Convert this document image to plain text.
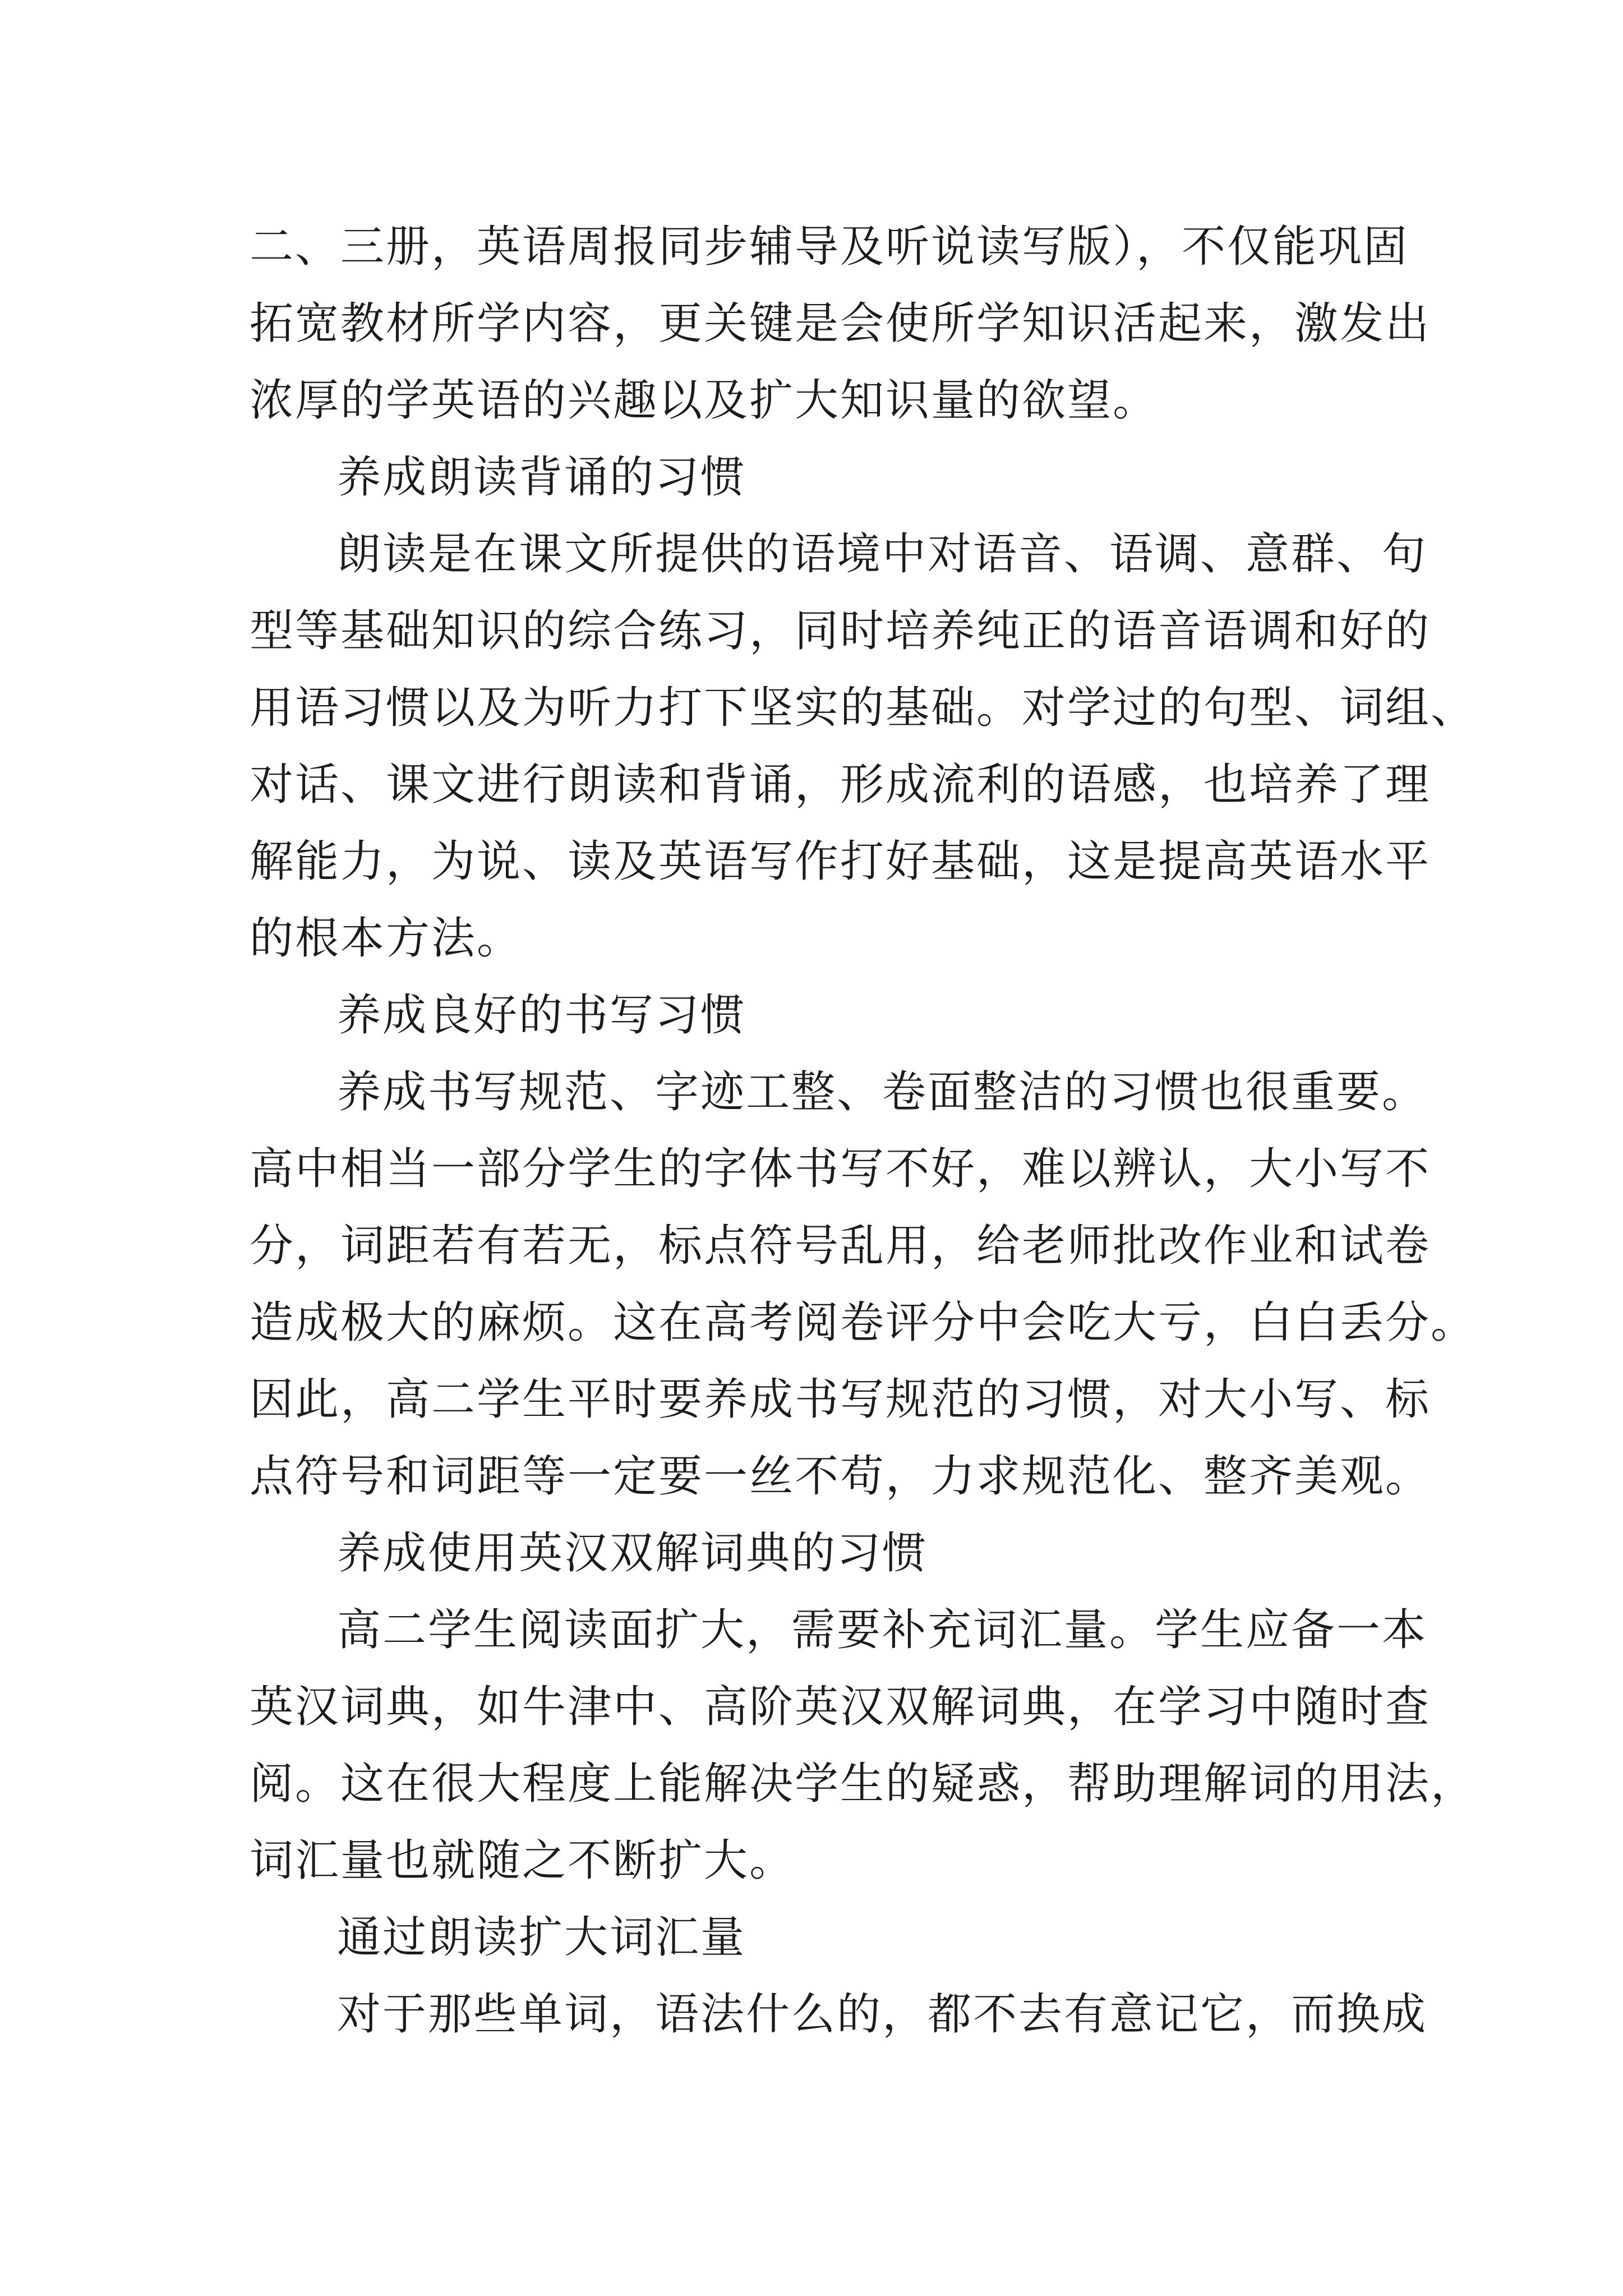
二、三册，英语周报同步辅导及听说读写版），不仅能巩固
拓宽教材所学内容，更关键是会使所学知识活起来，激发出
浓厚的学英语的兴趣以及扩大知识量的欲望。
养成朗读背诵的习惯
朗读是在课文所提供的语境中对语音、语调、意群、句
型等基础知识的综合练习，同时培养纯正的语音语调和好的
用语习惯以及为听力打下坚实的基础。对学过的句型、词组、
对话、课文进行朗读和背诵，形成流利的语感，也培养了理
解能力，为说、读及英语写作打好基础，这是提高英语水平
的根本方法。
养成良好的书写习惯
养成书写规范、字迹工整、卷面整洁的习惯也很重要。
高中相当一部分学生的字体书写不好，难以辨认，大小写不
分，词距若有若无，标点符号乱用，给老师批改作业和试卷
造成极大的麻烦。这在高考阅卷评分中会吃大亏，白白丢分。
因此，高二学生平时要养成书写规范的习惯，对大小写、标
点符号和词距等一定要一丝不苟，力求规范化、整齐美观。
养成使用英汉双解词典的习惯
高二学生阅读面扩大，需要补充词汇量。学生应备一本
英汉词典，如牛津中、高阶英汉双解词典，在学习中随时查
阅。这在很大程度上能解决学生的疑惑，帮助理解词的用法，
词汇量也就随之不断扩大。
通过朗读扩大词汇量
对于那些单词，语法什么的，都不去有意记它，而换成
